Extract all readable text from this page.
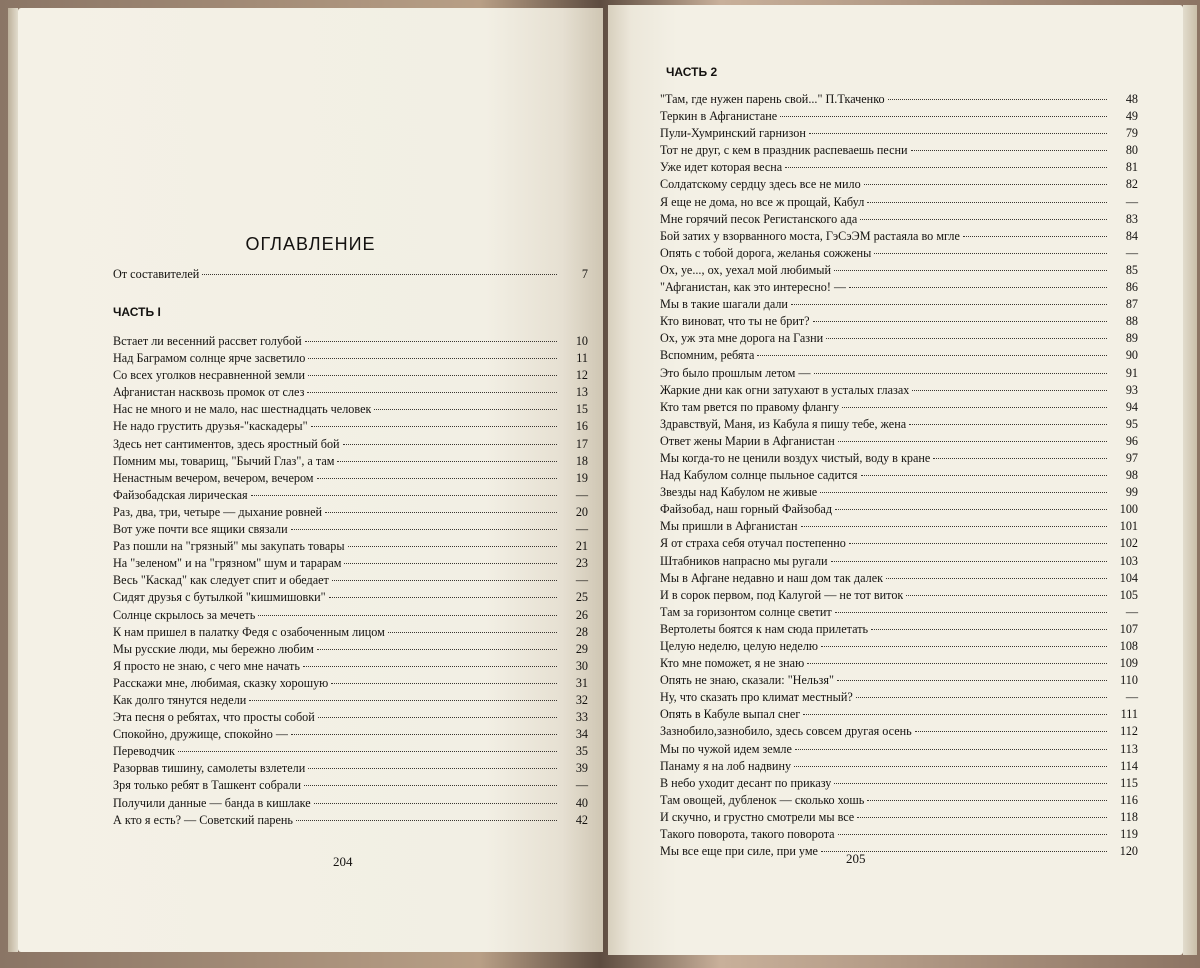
ОГЛАВЛЕНИЕ
От составителей	7
ЧАСТЬ I
Встает ли весенний рассвет голубой	10
Над Баграмом солнце ярче засветило	11
Со всех уголков несравненной земли	12
Афганистан насквозь промок от слез	13
Нас не много и не мало, нас шестнадцать человек	15
Не надо грустить друзья-"каскадеры"	16
Здесь нет сантиментов, здесь яростный бой	17
Помним мы, товарищ, "Бычий Глаз", а там	18
Ненастным вечером, вечером, вечером	19
Файзобадская лирическая	—
Раз, два, три, четыре — дыхание ровней	20
Вот уже почти все ящики связали	—
Раз пошли на "грязный" мы закупать товары	21
На "зеленом" и на "грязном" шум и тарарам	23
Весь "Каскад" как следует спит и обедает	—
Сидят друзья с бутылкой "кишмишовки"	25
Солнце скрылось за мечеть	26
К нам пришел в палатку Федя с озабоченным лицом	28
Мы русские люди, мы бережно любим	29
Я просто не знаю, с чего мне начать	30
Расскажи мне, любимая, сказку хорошую	31
Как долго тянутся недели	32
Эта песня о ребятах, что просты собой	33
Спокойно, дружище, спокойно —	34
Переводчик	35
Разорвав тишину, самолеты взлетели	39
Зря только ребят в Ташкент собрали	—
Получили данные — банда в кишлаке	40
А кто я есть? — Советский парень	42
204
ЧАСТЬ 2
"Там, где нужен парень свой..." П.Ткаченко	48
Теркин в Афганистане	49
Пули-Хумринский гарнизон	79
Тот не друг, с кем в праздник распеваешь песни	80
Уже идет которая весна	81
Солдатскому сердцу здесь все не мило	82
Я еще не дома, но все ж прощай, Кабул	—
Мне горячий песок Регистанского ада	83
Бой затих у взорванного моста, ГэСэЭМ растаяла во мгле	84
Опять с тобой дорога, желанья сожжены	—
Ох, уе..., ох, уехал мой любимый	85
"Афганистан, как это интересно! —	86
Мы в такие шагали дали	87
Кто виноват, что ты не брит?	88
Ох, уж эта мне дорога на Газни	89
Вспомним, ребята	90
Это было прошлым летом —	91
Жаркие дни как огни затухают в усталых глазах	93
Кто там рвется по правому флангу	94
Здравствуй, Маня, из Кабула я пишу тебе, жена	95
Ответ жены Марии в Афганистан	96
Мы когда-то не ценили воздух чистый, воду в кране	97
Над Кабулом солнце пыльное садится	98
Звезды над Кабулом не живые	99
Файзобад, наш горный Файзобад	100
Мы пришли в Афганистан	101
Я от страха себя отучал постепенно	102
Штабников напрасно мы ругали	103
Мы в Афгане недавно и наш дом так далек	104
И в сорок первом, под Калугой — не тот виток	105
Там за горизонтом солнце светит	—
Вертолеты боятся к нам сюда прилетать	107
Целую неделю, целую неделю	108
Кто мне поможет, я не знаю	109
Опять не знаю, сказали: "Нельзя"	110
Ну, что сказать про климат местный?	—
Опять в Кабуле выпал снег	111
Зазнобило,зазнобило, здесь совсем другая осень	112
Мы по чужой идем земле	113
Панаму я на лоб надвину	114
В небо уходит десант по приказу	115
Там овощей, дубленок — сколько хошь	116
И скучно, и грустно смотрели мы все	118
Такого поворота, такого поворота	119
Мы все еще при силе, при уме	120
205
